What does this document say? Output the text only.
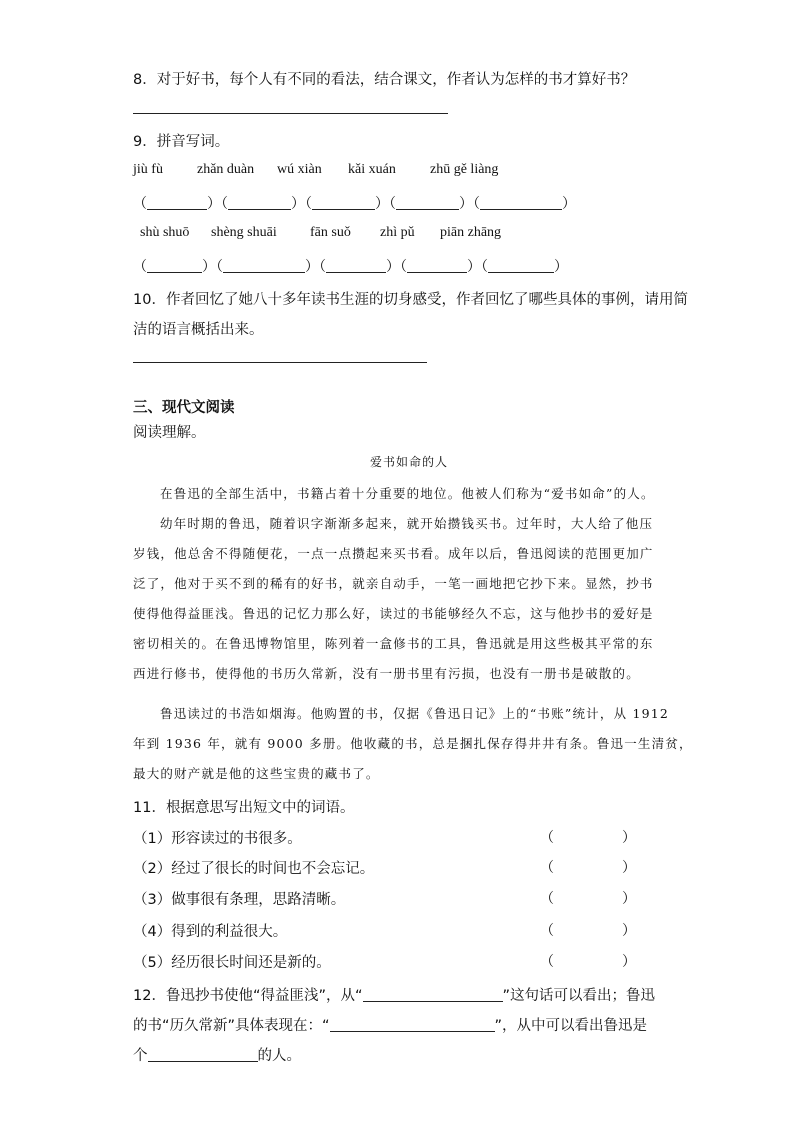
8．对于好书，每个人有不同的看法，结合课文，作者认为怎样的书才算好书？
9．拼音写词。
jiù fù zhǎn duàn wú xiàn kǎi xuán zhū gě liàng
（	）（	）（	）（	）（	）
shù shuō shèng shuāi fān suǒ zhì pǔ piān zhāng
（	）（	）（	）（	）（	）
10．作者回忆了她八十多年读书生涯的切身感受，作者回忆了哪些具体的事例，请用简
洁的语言概括出来。
三、现代文阅读
阅读理解。
爱书如命的人
在鲁迅的全部生活中，书籍占着十分重要的地位。他被人们称为“爱书如命”的人。
幼年时期的鲁迅，随着识字渐渐多起来，就开始攒钱买书。过年时，大人给了他压
岁钱，他总舍不得随便花，一点一点攒起来买书看。成年以后，鲁迅阅读的范围更加广
泛了，他对于买不到的稀有的好书，就亲自动手，一笔一画地把它抄下来。显然，抄书
使得他得益匪浅。鲁迅的记忆力那么好，读过的书能够经久不忘，这与他抄书的爱好是
密切相关的。在鲁迅博物馆里，陈列着一盒修书的工具，鲁迅就是用这些极其平常的东
西进行修书，使得他的书历久常新，没有一册书里有污损，也没有一册书是破散的。
鲁迅读过的书浩如烟海。他购置的书，仅据《鲁迅日记》上的“书账”统计，从 1912
年到 1936 年，就有 9000 多册。他收藏的书，总是捆扎保存得井井有条。鲁迅一生清贫，
最大的财产就是他的这些宝贵的藏书了。
11．根据意思写出短文中的词语。
（1）形容读过的书很多。	（	）
（2）经过了很长的时间也不会忘记。	（	）
（3）做事很有条理，思路清晰。	（	）
（4）得到的利益很大。	（	）
（5）经历很长时间还是新的。	（	）
12．鲁迅抄书使他“得益匪浅”，从“	”这句话可以看出；鲁迅
的书“历久常新”具体表现在：“	”，从中可以看出鲁迅是
个	的人。
